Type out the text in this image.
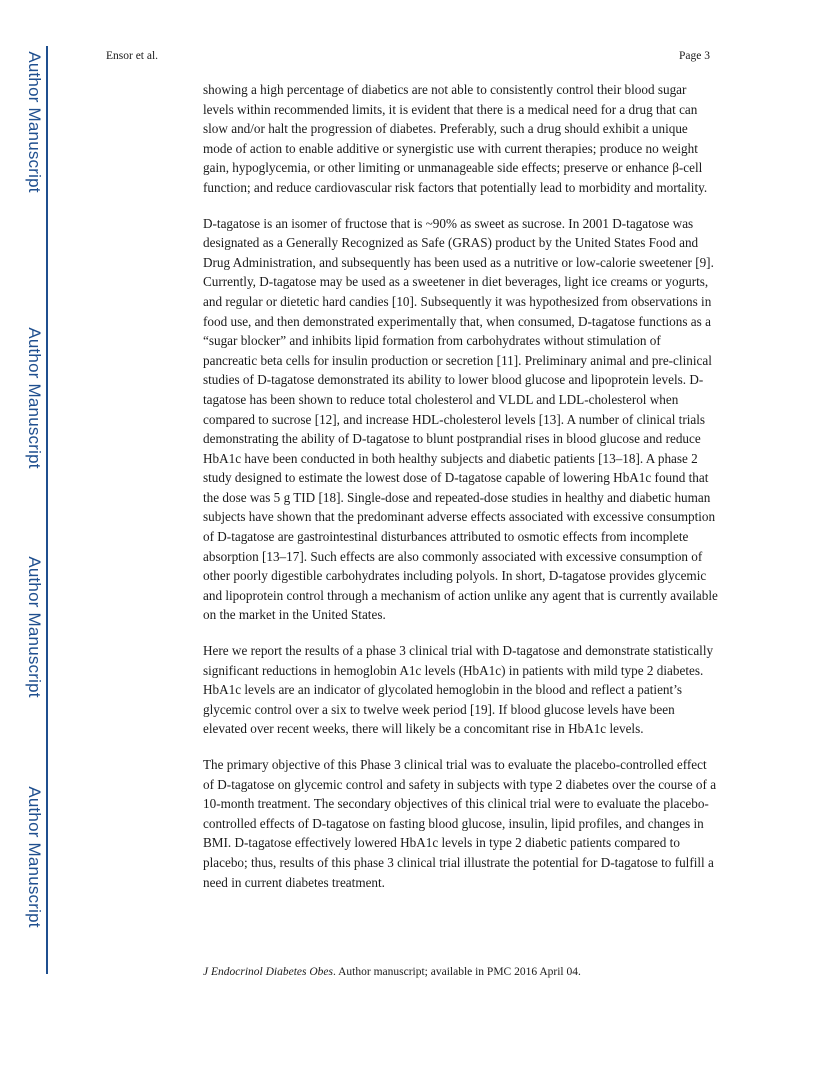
Author Manuscript
Author Manuscript
Author Manuscript
Author Manuscript
Ensor et al.	Page 3

showing a high percentage of diabetics are not able to consistently control their blood sugar levels within recommended limits, it is evident that there is a medical need for a drug that can slow and/or halt the progression of diabetes. Preferably, such a drug should exhibit a unique mode of action to enable additive or synergistic use with current therapies; produce no weight gain, hypoglycemia, or other limiting or unmanageable side effects; preserve or enhance β-cell function; and reduce cardiovascular risk factors that potentially lead to morbidity and mortality.

D-tagatose is an isomer of fructose that is ~90% as sweet as sucrose. In 2001 D-tagatose was designated as a Generally Recognized as Safe (GRAS) product by the United States Food and Drug Administration, and subsequently has been used as a nutritive or low-calorie sweetener [9]. Currently, D-tagatose may be used as a sweetener in diet beverages, light ice creams or yogurts, and regular or dietetic hard candies [10]. Subsequently it was hypothesized from observations in food use, and then demonstrated experimentally that, when consumed, D-tagatose functions as a “sugar blocker” and inhibits lipid formation from carbohydrates without stimulation of pancreatic beta cells for insulin production or secretion [11]. Preliminary animal and pre-clinical studies of D-tagatose demonstrated its ability to lower blood glucose and lipoprotein levels. D-tagatose has been shown to reduce total cholesterol and VLDL and LDL-cholesterol when compared to sucrose [12], and increase HDL-cholesterol levels [13]. A number of clinical trials demonstrating the ability of D-tagatose to blunt postprandial rises in blood glucose and reduce HbA1c have been conducted in both healthy subjects and diabetic patients [13–18]. A phase 2 study designed to estimate the lowest dose of D-tagatose capable of lowering HbA1c found that the dose was 5 g TID [18]. Single-dose and repeated-dose studies in healthy and diabetic human subjects have shown that the predominant adverse effects associated with excessive consumption of D-tagatose are gastrointestinal disturbances attributed to osmotic effects from incomplete absorption [13–17]. Such effects are also commonly associated with excessive consumption of other poorly digestible carbohydrates including polyols. In short, D-tagatose provides glycemic and lipoprotein control through a mechanism of action unlike any agent that is currently available on the market in the United States.

Here we report the results of a phase 3 clinical trial with D-tagatose and demonstrate statistically significant reductions in hemoglobin A1c levels (HbA1c) in patients with mild type 2 diabetes. HbA1c levels are an indicator of glycolated hemoglobin in the blood and reflect a patient’s glycemic control over a six to twelve week period [19]. If blood glucose levels have been elevated over recent weeks, there will likely be a concomitant rise in HbA1c levels.

The primary objective of this Phase 3 clinical trial was to evaluate the placebo-controlled effect of D-tagatose on glycemic control and safety in subjects with type 2 diabetes over the course of a 10-month treatment. The secondary objectives of this clinical trial were to evaluate the placebo-controlled effects of D-tagatose on fasting blood glucose, insulin, lipid profiles, and changes in BMI. D-tagatose effectively lowered HbA1c levels in type 2 diabetic patients compared to placebo; thus, results of this phase 3 clinical trial illustrate the potential for D-tagatose to fulfill a need in current diabetes treatment.

J Endocrinol Diabetes Obes. Author manuscript; available in PMC 2016 April 04.
